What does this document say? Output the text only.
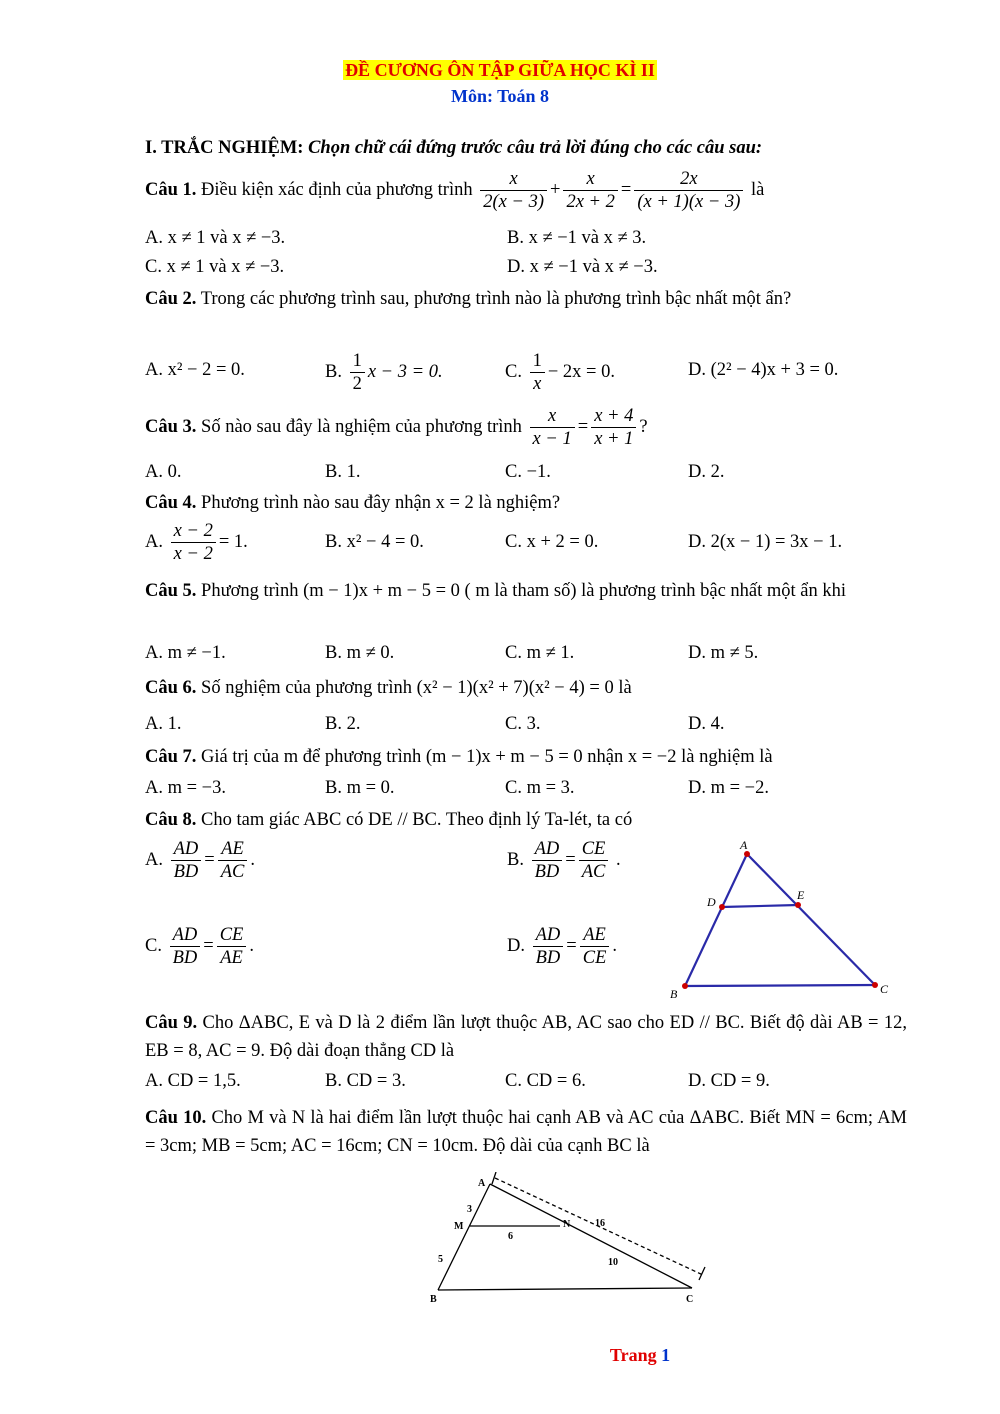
ĐỀ CƯƠNG ÔN TẬP GIỮA HỌC KÌ II
Môn: Toán 8
I. TRẮC NGHIỆM: Chọn chữ cái đứng trước câu trả lời đúng cho các câu sau:
Câu 1. Điều kiện xác định của phương trình $\frac{x}{2(x - 3)} + \frac{x}{2x + 2} = \frac{2x}{(x + 1)(x - 3)}$ là
A. x ≠ 1 và x ≠ −3.	B. x ≠ −1 và x ≠ 3.
C. x ≠ 1 và x ≠ −3.	D. x ≠ −1 và x ≠ −3.
Câu 2. Trong các phương trình sau, phương trình nào là phương trình bậc nhất một ẩn?
A. x² − 2 = 0.	B. $\frac{1}{2}$ x − 3 = 0.	C. $\frac{1}{x} - 2x = 0$.	D. (2² − 4)x + 3 = 0.
Câu 3. Số nào sau đây là nghiệm của phương trình $\frac{x}{x - 1} = \frac{x + 4}{x + 1}$ ?
A. 0.	B. 1.	C. −1.	D. 2.
Câu 4. Phương trình nào sau đây nhận x = 2 là nghiệm?
A. $\frac{x - 2}{x - 2} = 1$.	B. x² − 4 = 0.	C. x + 2 = 0.	D. 2(x − 1) = 3x − 1.
Câu 5. Phương trình (m − 1)x + m − 5 = 0 ( m là tham số) là phương trình bậc nhất một ẩn khi
A. m ≠ −1.	B. m ≠ 0.	C. m ≠ 1.	D. m ≠ 5.
Câu 6. Số nghiệm của phương trình (x² − 1)(x² + 7)(x² − 4) = 0 là
A. 1.	B. 2.	C. 3.	D. 4.
Câu 7. Giá trị của m để phương trình (m − 1)x + m − 5 = 0 nhận x = −2 là nghiệm là
A. m = −3.	B. m = 0.	C. m = 3.	D. m = −2.
Câu 8. Cho tam giác ABC có DE // BC. Theo định lý Ta-lét, ta có
A. $\frac{AD}{BD} = \frac{AE}{AC}$ .	B. $\frac{AD}{BD} = \frac{CE}{AC}$ .
C. $\frac{AD}{BD} = \frac{CE}{AE}$ .	D. $\frac{AD}{BD} = \frac{AE}{CE}$ .
A
D	E
B	C
Câu 9. Cho ΔABC, E và D là 2 điểm lần lượt thuộc AB, AC sao cho ED // BC. Biết độ dài AB = 12, EB = 8, AC = 9. Độ dài đoạn thẳng CD là
A. CD = 1,5.	B. CD = 3.	C. CD = 6.	D. CD = 9.
Câu 10. Cho M và N là hai điểm lần lượt thuộc hai cạnh AB và AC của ΔABC. Biết MN = 6cm; AM = 3cm; MB = 5cm; AC = 16cm; CN = 10cm. Độ dài của cạnh BC là
A
M	N
B	C
3
6
5
16
10
Trang 1
